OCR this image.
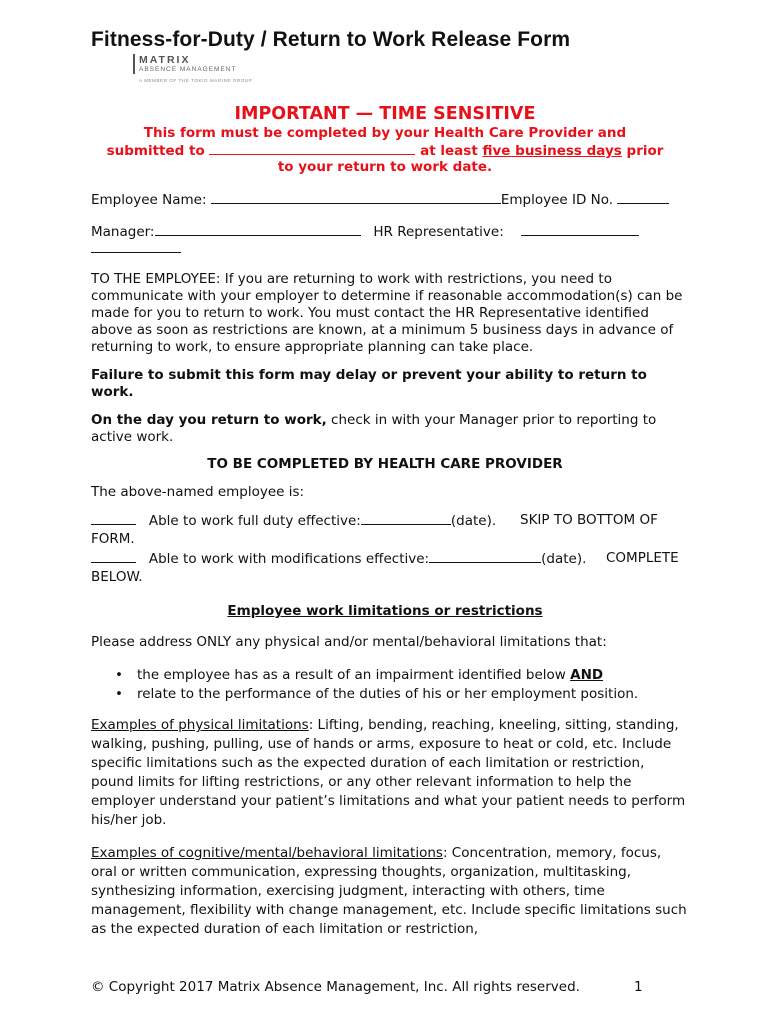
Fitness-for-Duty / Return to Work Release Form
MATRIX
ABSENCE MANAGEMENT
A MEMBER OF THE TOKIO MARINE GROUP
IMPORTANT — TIME SENSITIVE
This form must be completed by your Health Care Provider and
submitted to	at least five business days prior
to your return to work date.
Employee Name:	Employee ID No.
Manager:	HR Representative:
TO THE EMPLOYEE: If you are returning to work with restrictions, you need to communicate with your employer to determine if reasonable accommodation(s) can be made for you to return to work. You must contact the HR Representative identified above as soon as restrictions are known, at a minimum 5 business days in advance of returning to work, to ensure appropriate planning can take place.
Failure to submit this form may delay or prevent your ability to return to work.
On the day you return to work, check in with your Manager prior to reporting to active work.
TO BE COMPLETED BY HEALTH CARE PROVIDER
The above-named employee is:
Able to work full duty effective:	(date). SKIP TO BOTTOM OF
FORM.
Able to work with modifications effective:	(date). COMPLETE
BELOW.
Employee work limitations or restrictions
Please address ONLY any physical and/or mental/behavioral limitations that:
• the employee has as a result of an impairment identified below AND
• relate to the performance of the duties of his or her employment position.
Examples of physical limitations: Lifting, bending, reaching, kneeling, sitting, standing, walking, pushing, pulling, use of hands or arms, exposure to heat or cold, etc. Include specific limitations such as the expected duration of each limitation or restriction, pound limits for lifting restrictions, or any other relevant information to help the employer understand your patient’s limitations and what your patient needs to perform his/her job.
Examples of cognitive/mental/behavioral limitations: Concentration, memory, focus, oral or written communication, expressing thoughts, organization, multitasking, synthesizing information, exercising judgment, interacting with others, time management, flexibility with change management, etc. Include specific limitations such as the expected duration of each limitation or restriction,
© Copyright 2017 Matrix Absence Management, Inc. All rights reserved.	1
